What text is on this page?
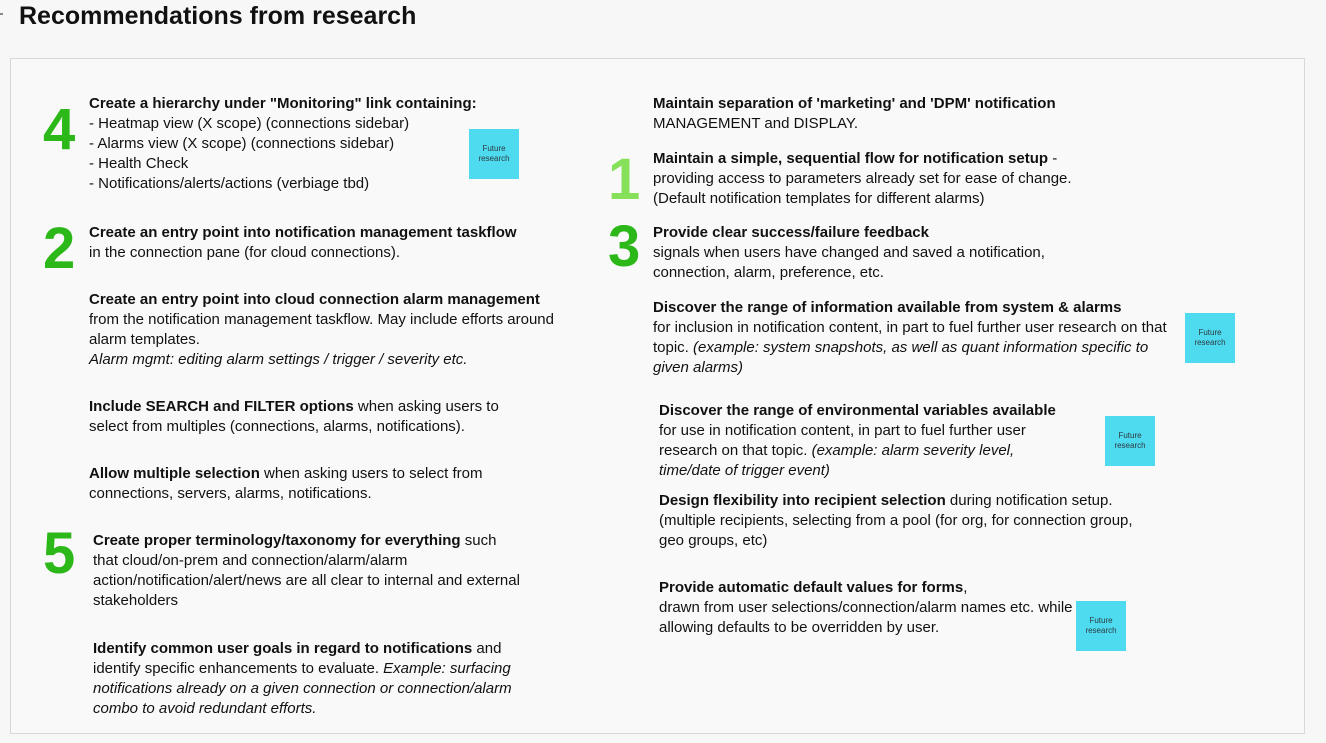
Recommendations from research
4 Create a hierarchy under "Monitoring" link containing:
- Heatmap view (X scope) (connections sidebar)
- Alarms view (X scope) (connections sidebar)
- Health Check
- Notifications/alerts/actions (verbiage tbd)
Future research
2 Create an entry point into notification management taskflow
in the connection pane (for cloud connections).
Create an entry point into cloud connection alarm management
from the notification management taskflow. May include efforts around alarm templates.
Alarm mgmt: editing alarm settings / trigger / severity etc.
Include SEARCH and FILTER options when asking users to select from multiples (connections, alarms, notifications).
Allow multiple selection when asking users to select from connections, servers, alarms, notifications.
5 Create proper terminology/taxonomy for everything such that cloud/on-prem and connection/alarm/alarm action/notification/alert/news are all clear to internal and external stakeholders
Identify common user goals in regard to notifications and identify specific enhancements to evaluate. Example: surfacing notifications already on a given connection or connection/alarm combo to avoid redundant efforts.
Maintain separation of 'marketing' and 'DPM' notification
MANAGEMENT and DISPLAY.
1 Maintain a simple, sequential flow for notification setup - providing access to parameters already set for ease of change. (Default notification templates for different alarms)
3 Provide clear success/failure feedback
signals when users have changed and saved a notification, connection, alarm, preference, etc.
Discover the range of information available from system & alarms
for inclusion in notification content, in part to fuel further user research on that topic. (example: system snapshots, as well as quant information specific to given alarms)
Future research
Discover the range of environmental variables available
for use in notification content, in part to fuel further user research on that topic. (example: alarm severity level, time/date of trigger event)
Future research
Design flexibility into recipient selection during notification setup. (multiple recipients, selecting from a pool (for org, for connection group, geo groups, etc)
Provide automatic default values for forms,
drawn from user selections/connection/alarm names etc. while allowing defaults to be overridden by user.	Future research
